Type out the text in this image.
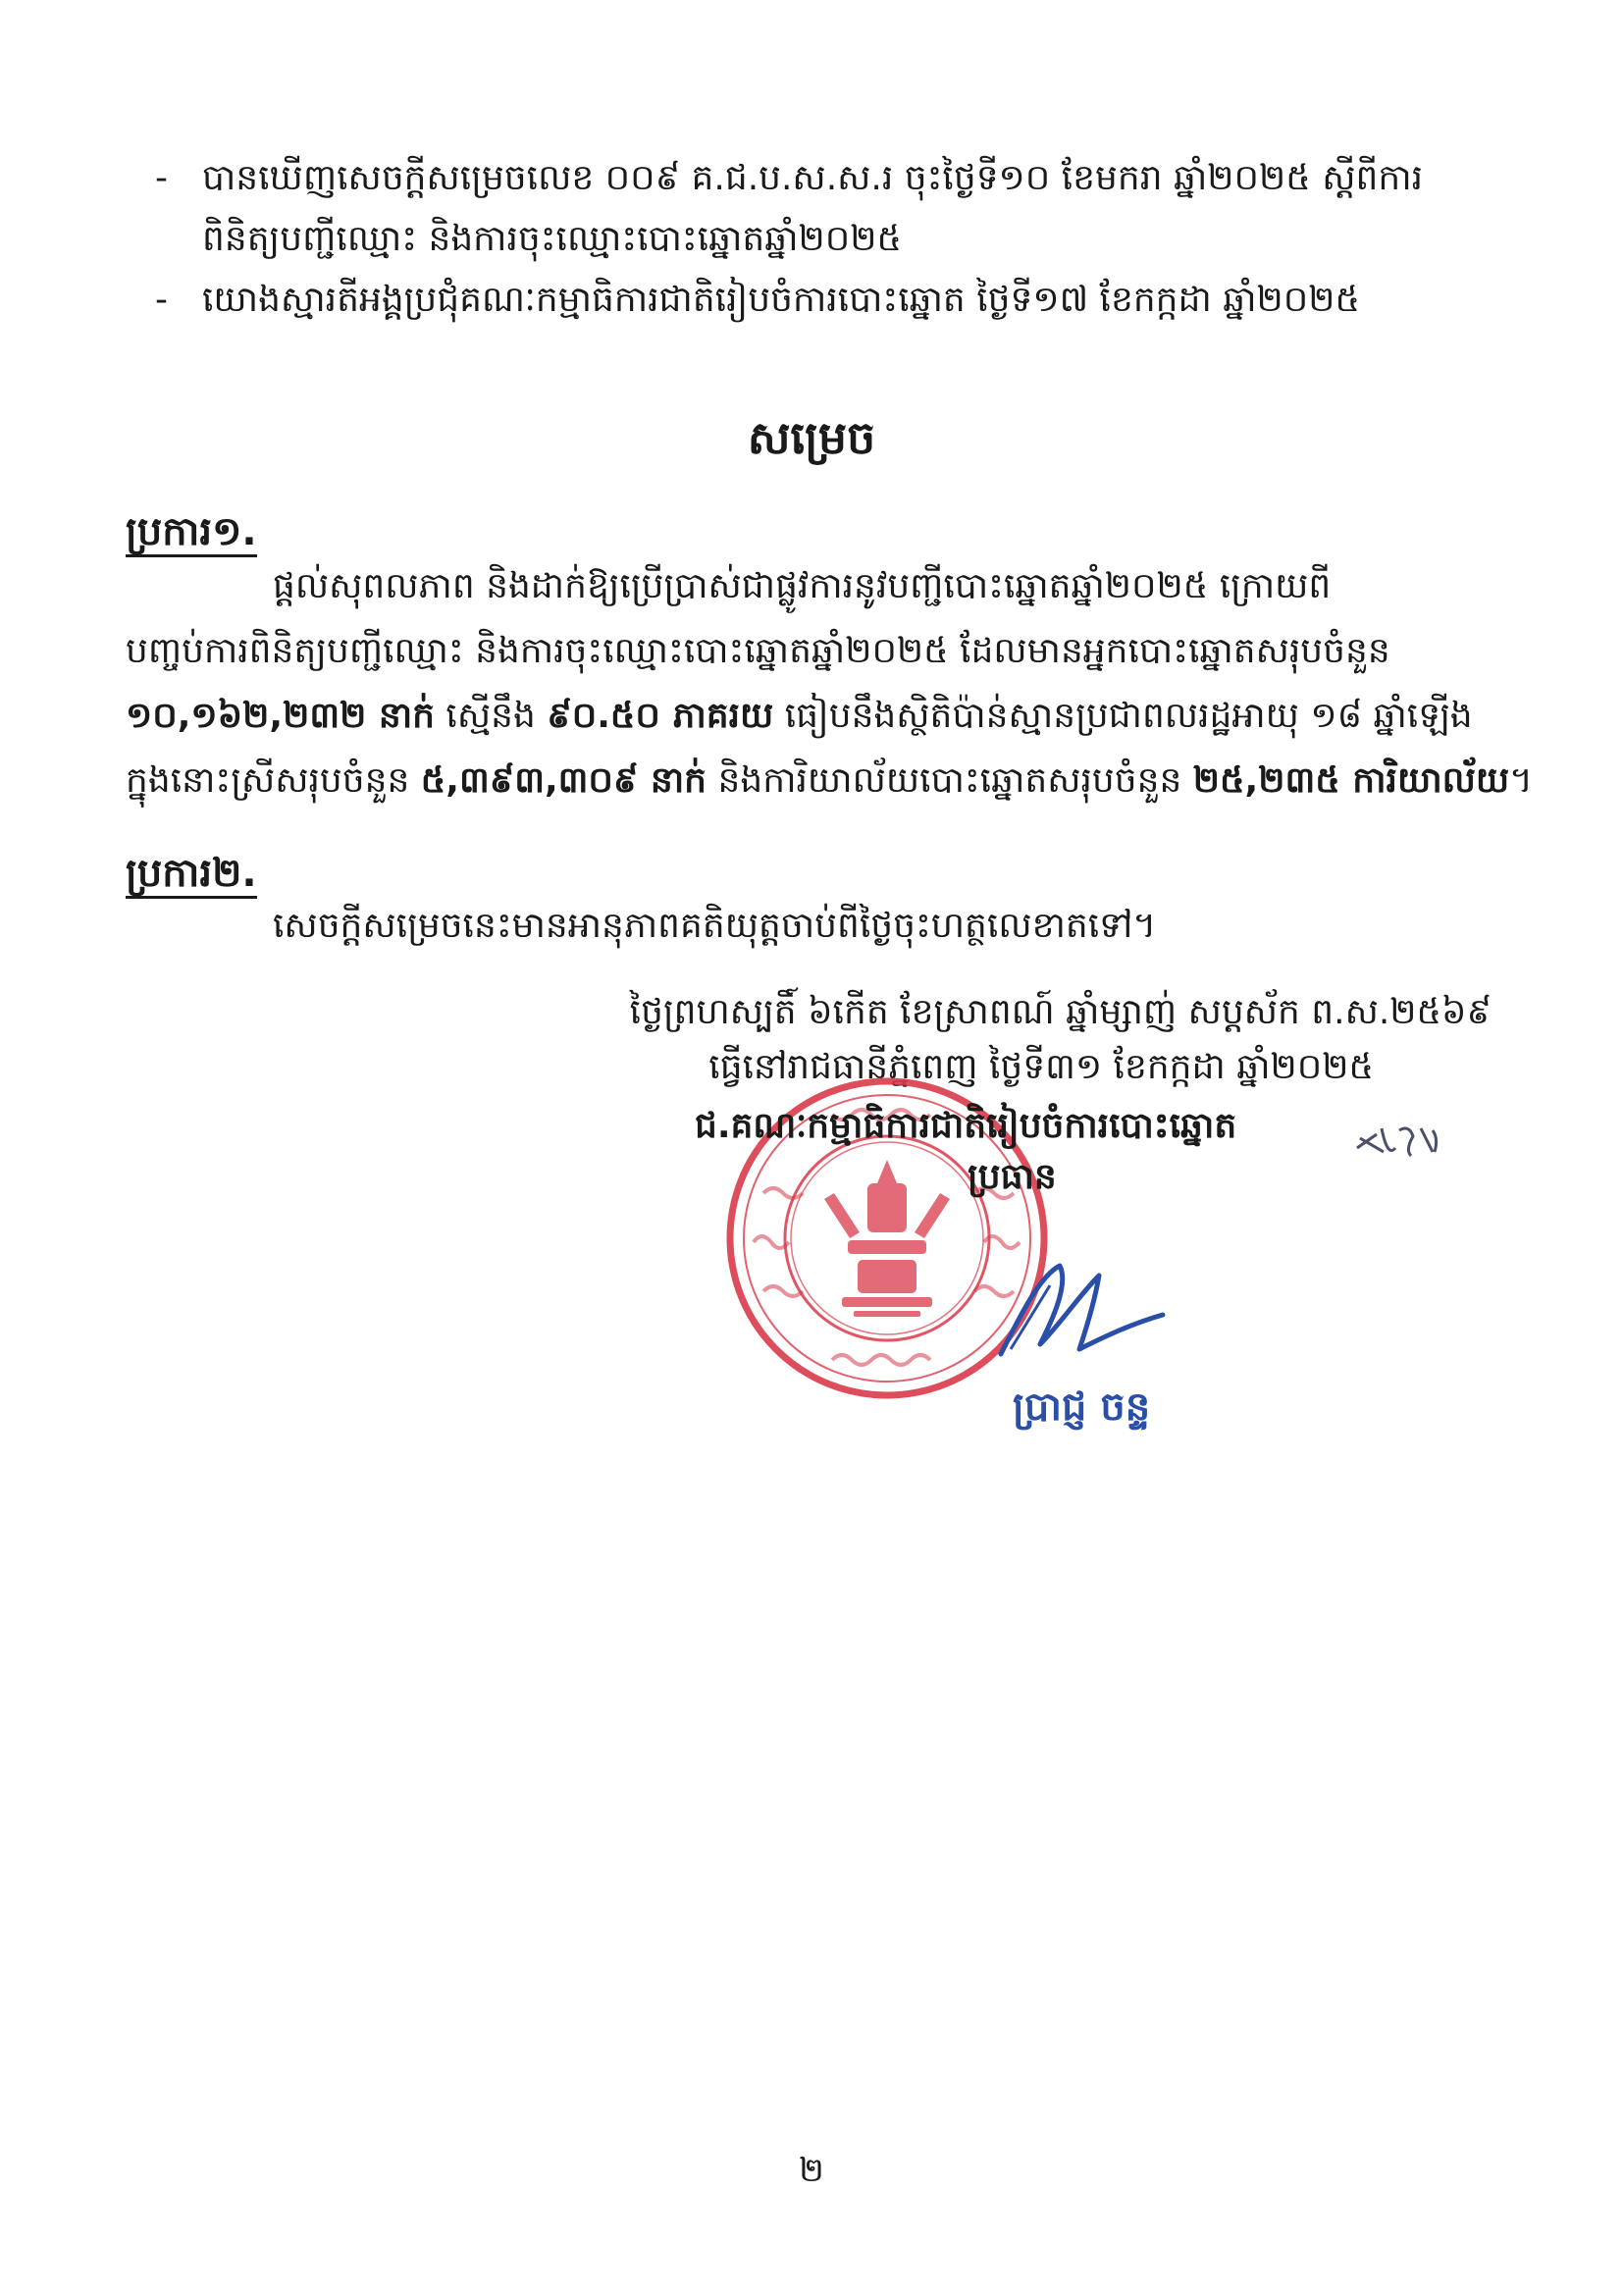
- បានឃើញសេចក្តីសម្រេចលេខ ០០៩ គ.ជ.ប.ស.ស.រ ចុះថ្ងៃទី១០ ខែមករា ឆ្នាំ២០២៥ ស្តីពីការ
ពិនិត្យបញ្ជីឈ្មោះ និងការចុះឈ្មោះបោះឆ្នោតឆ្នាំ២០២៥
- យោងស្មារតីអង្គប្រជុំគណៈកម្មាធិការជាតិរៀបចំការបោះឆ្នោត ថ្ងៃទី១៧ ខែកក្កដា ឆ្នាំ២០២៥
សម្រេច
ប្រការ១.
ផ្តល់សុពលភាព និងដាក់ឱ្យប្រើប្រាស់ជាផ្លូវការនូវបញ្ជីបោះឆ្នោតឆ្នាំ២០២៥ ក្រោយពី
បញ្ចប់ការពិនិត្យបញ្ជីឈ្មោះ និងការចុះឈ្មោះបោះឆ្នោតឆ្នាំ២០២៥ ដែលមានអ្នកបោះឆ្នោតសរុបចំនួន
១០,១៦២,២៣២ នាក់ ស្មើនឹង ៩០.៥០ ភាគរយ ធៀបនឹងស្ថិតិប៉ាន់ស្មានប្រជាពលរដ្ឋអាយុ ១៨ ឆ្នាំឡើង
ក្នុងនោះស្រីសរុបចំនួន ៥,៣៩៣,៣០៩ នាក់ និងការិយាល័យបោះឆ្នោតសរុបចំនួន ២៥,២៣៥ ការិយាល័យ។
ប្រការ២.
សេចក្តីសម្រេចនេះមានអានុភាពគតិយុត្តចាប់ពីថ្ងៃចុះហត្ថលេខាតទៅ។
ថ្ងៃព្រហស្បតិ៍ ៦កើត ខែស្រាពណ៍ ឆ្នាំម្សាញ់ សប្តស័ក ព.ស.២៥៦៩
ធ្វើនៅរាជធានីភ្នំពេញ ថ្ងៃទី៣១ ខែកក្កដា ឆ្នាំ២០២៥
ជ.គណៈកម្មាធិការជាតិរៀបចំការបោះឆ្នោត
ប្រធាន
ប្រាជ្ញ ចន្ទ
២
